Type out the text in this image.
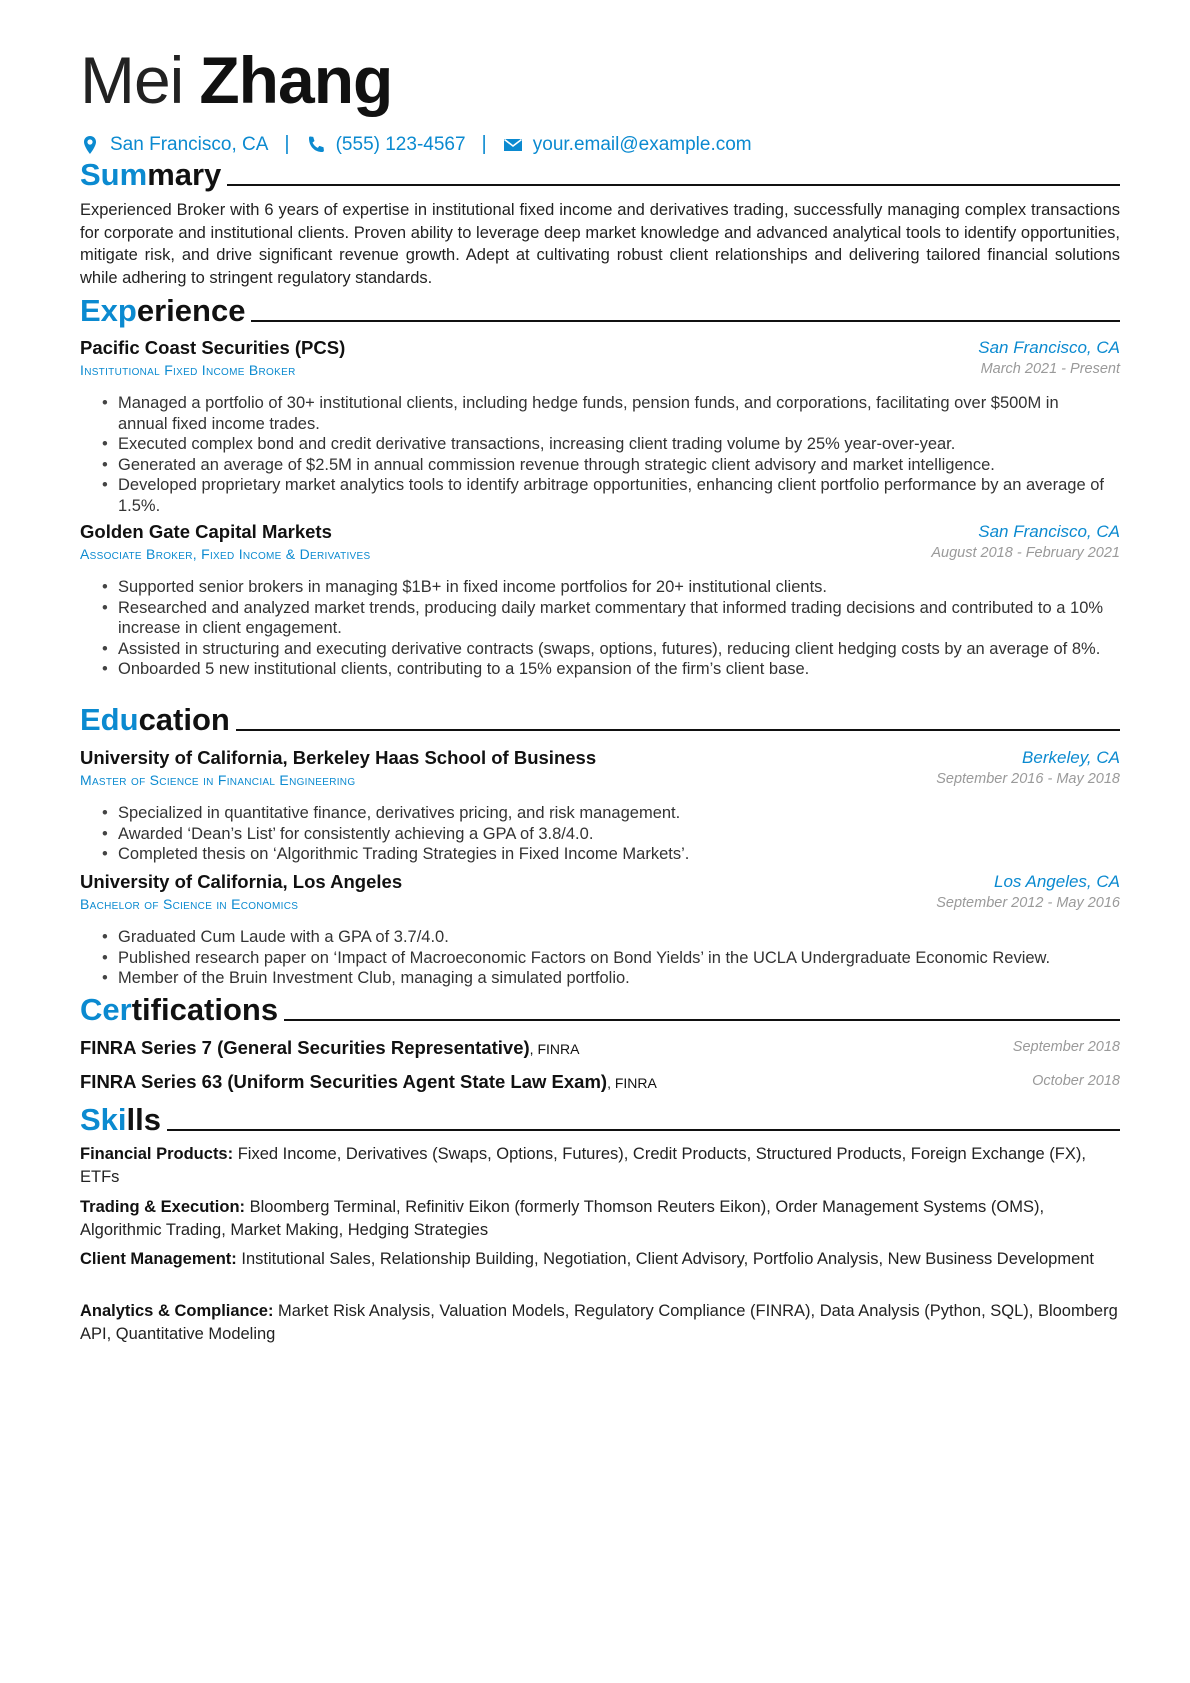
Mei Zhang
San Francisco, CA | (555) 123-4567 | your.email@example.com
Summary
Experienced Broker with 6 years of expertise in institutional fixed income and derivatives trading, successfully managing complex transactions for corporate and institutional clients. Proven ability to leverage deep market knowledge and advanced analytical tools to identify opportunities, mitigate risk, and drive significant revenue growth. Adept at cultivating robust client relationships and delivering tailored financial solutions while adhering to stringent regulatory standards.
Experience
Pacific Coast Securities (PCS)	San Francisco, CA
Institutional Fixed Income Broker	March 2021 - Present
• Managed a portfolio of 30+ institutional clients, including hedge funds, pension funds, and corporations, facilitating over $500M in annual fixed income trades.
• Executed complex bond and credit derivative transactions, increasing client trading volume by 25% year-over-year.
• Generated an average of $2.5M in annual commission revenue through strategic client advisory and market intelligence.
• Developed proprietary market analytics tools to identify arbitrage opportunities, enhancing client portfolio performance by an average of 1.5%.
Golden Gate Capital Markets	San Francisco, CA
Associate Broker, Fixed Income & Derivatives	August 2018 - February 2021
• Supported senior brokers in managing $1B+ in fixed income portfolios for 20+ institutional clients.
• Researched and analyzed market trends, producing daily market commentary that informed trading decisions and contributed to a 10% increase in client engagement.
• Assisted in structuring and executing derivative contracts (swaps, options, futures), reducing client hedging costs by an average of 8%.
• Onboarded 5 new institutional clients, contributing to a 15% expansion of the firm’s client base.
Education
University of California, Berkeley Haas School of Business	Berkeley, CA
Master of Science in Financial Engineering	September 2016 - May 2018
• Specialized in quantitative finance, derivatives pricing, and risk management.
• Awarded ‘Dean’s List’ for consistently achieving a GPA of 3.8/4.0.
• Completed thesis on ‘Algorithmic Trading Strategies in Fixed Income Markets’.
University of California, Los Angeles	Los Angeles, CA
Bachelor of Science in Economics	September 2012 - May 2016
• Graduated Cum Laude with a GPA of 3.7/4.0.
• Published research paper on ‘Impact of Macroeconomic Factors on Bond Yields’ in the UCLA Undergraduate Economic Review.
• Member of the Bruin Investment Club, managing a simulated portfolio.
Certifications
FINRA Series 7 (General Securities Representative), FINRA	September 2018
FINRA Series 63 (Uniform Securities Agent State Law Exam), FINRA	October 2018
Skills
Financial Products: Fixed Income, Derivatives (Swaps, Options, Futures), Credit Products, Structured Products, Foreign Exchange (FX), ETFs
Trading & Execution: Bloomberg Terminal, Refinitiv Eikon (formerly Thomson Reuters Eikon), Order Management Systems (OMS), Algorithmic Trading, Market Making, Hedging Strategies
Client Management: Institutional Sales, Relationship Building, Negotiation, Client Advisory, Portfolio Analysis, New Business Development
Analytics & Compliance: Market Risk Analysis, Valuation Models, Regulatory Compliance (FINRA), Data Analysis (Python, SQL), Bloomberg API, Quantitative Modeling
